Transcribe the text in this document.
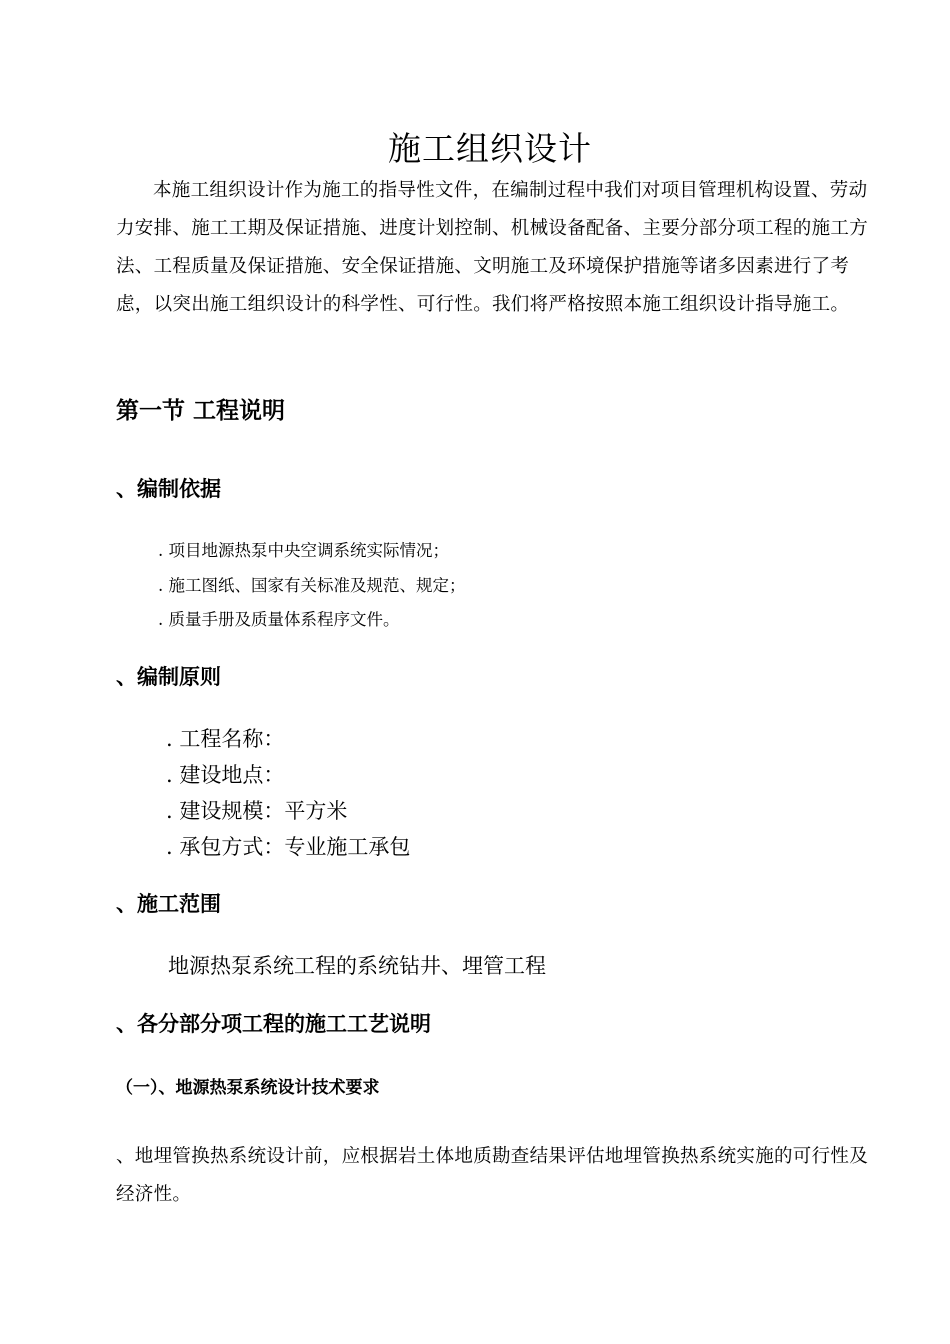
施工组织设计
本施工组织设计作为施工的指导性文件，在编制过程中我们对项目管理机构设置、劳动力安排、施工工期及保证措施、进度计划控制、机械设备配备、主要分部分项工程的施工方法、工程质量及保证措施、安全保证措施、文明施工及环境保护措施等诸多因素进行了考虑，以突出施工组织设计的科学性、可行性。我们将严格按照本施工组织设计指导施工。
第一节 工程说明
、编制依据
. 项目地源热泵中央空调系统实际情况；
. 施工图纸、国家有关标准及规范、规定；
. 质量手册及质量体系程序文件。
、编制原则
. 工程名称：
. 建设地点：
. 建设规模：平方米
. 承包方式：专业施工承包
、施工范围
地源热泵系统工程的系统钻井、埋管工程
、各分部分项工程的施工工艺说明
（一）、地源热泵系统设计技术要求
、地埋管换热系统设计前，应根据岩土体地质勘查结果评估地埋管换热系统实施的可行性及经济性。
